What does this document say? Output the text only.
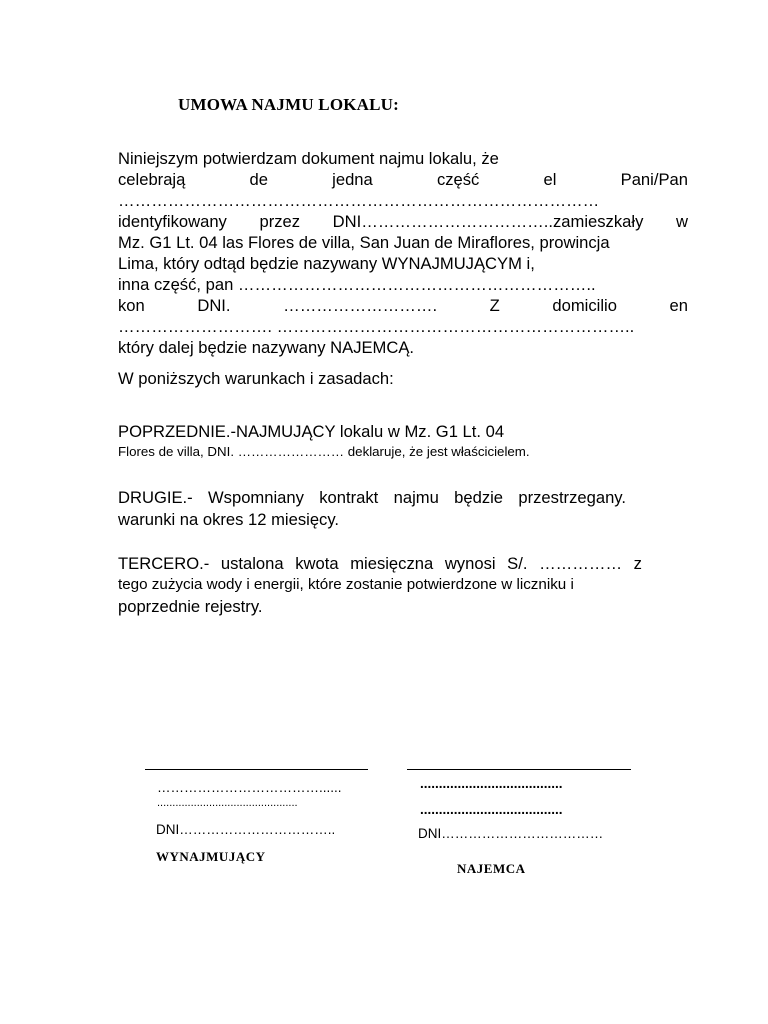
UMOWA NAJMU LOKALU:
Niniejszym potwierdzam dokument najmu lokalu, że
celebrają	de	jedna	część	el	Pani/Pan
……………………………………………………………………………
identyfikowany przez DNI……………………………..zamieszkały w
Mz. G1 Lt. 04 las Flores de villa, San Juan de Miraflores, prowincja
Lima, który odtąd będzie nazywany WYNAJMUJĄCYM i,
inna część, pan ………………………………………………………..
kon	DNI.	……………………….	Z	domicilio	en
………………………. ………………………………………………………..
który dalej będzie nazywany NAJEMCĄ.
W poniższych warunkach i zasadach:
POPRZEDNIE.-NAJMUJĄCY lokalu w Mz. G1 Lt. 04
Flores de villa, DNI. …………………… deklaruje, że jest właścicielem.
DRUGIE.- Wspomniany kontrakt najmu będzie przestrzegany.
warunki na okres 12 miesięcy.
TERCERO.- ustalona kwota miesięczna wynosi S/. …………… z
tego zużycia wody i energii, które zostanie potwierdzone w liczniku i
poprzednie rejestry.
………………………………......
..............................................
DNI……………………………..
WYNAJMUJĄCY
......................................
......................................
DNI………………………………
NAJEMCA
